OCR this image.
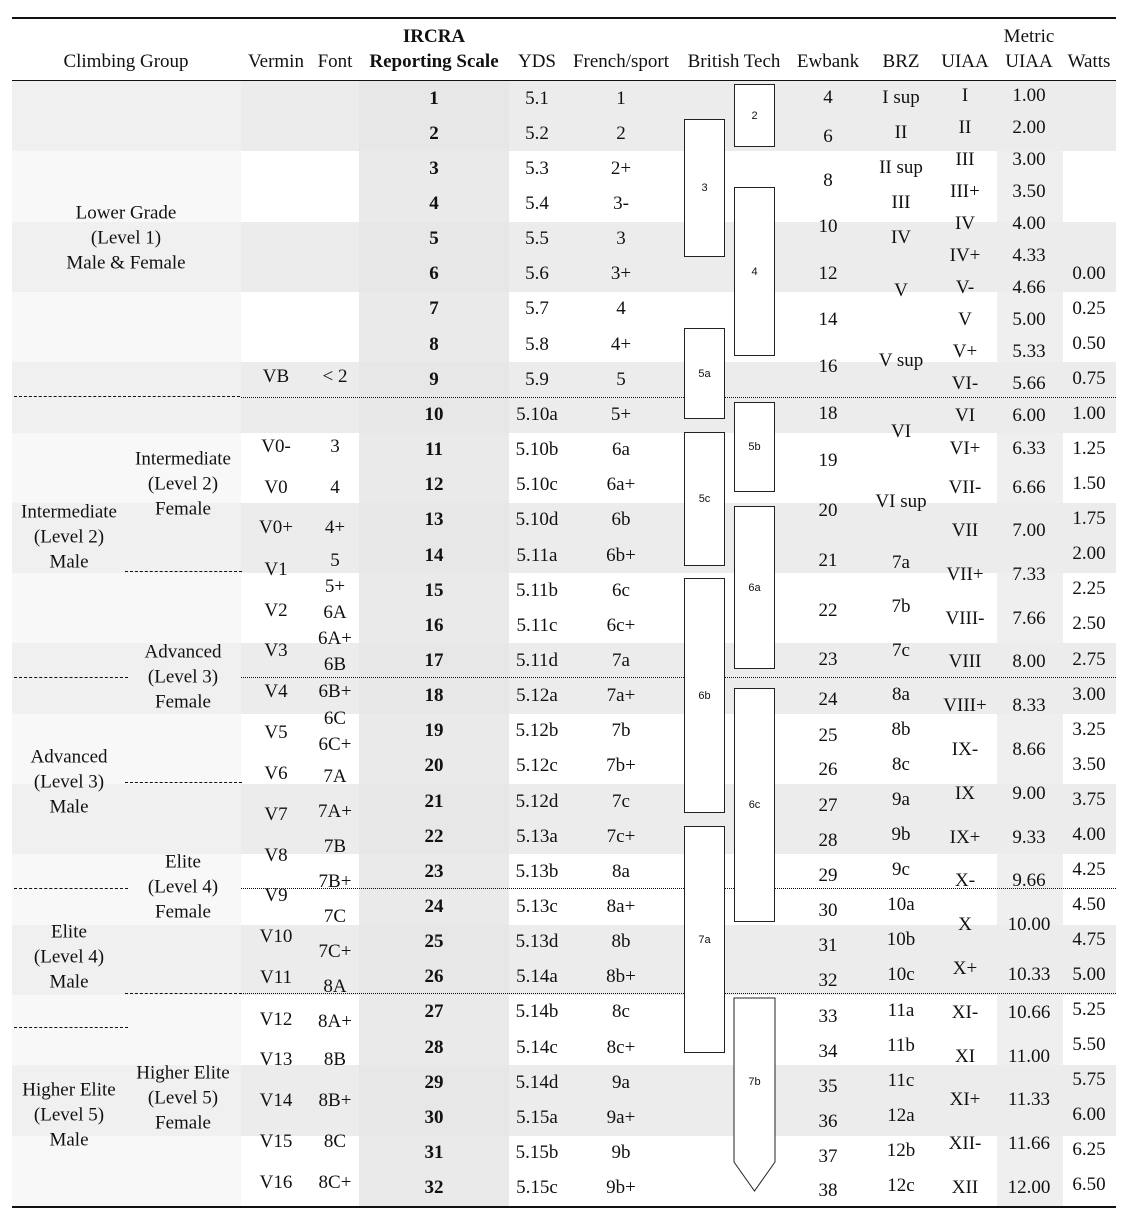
Climbing Group	Vermin Font
IRCRA
Reporting Scale YDS French/sport British Tech Ewbank BRZ UIAA
Metric
UIAA Watts
1
2
3
4
5
6
7
8
9
10
11
12
13
14
15
16
17
18
19
20
21
22
23
24
25
26
27
28
29
30
31
32
5.1
5.2
5.3
5.4
5.5
5.6
5.7
5.8
5.9
5.10a
5.10b
5.10c
5.10d
5.11a
5.11b
5.11c
5.11d
5.12a
5.12b
5.12c
5.12d
5.13a
5.13b
5.13c
5.13d
5.14a
5.14b
5.14c
5.14d
5.15a
5.15b
5.15c
1
2
2+
3-
3
3+
4
4+
5
5+
6a
6a+
6b
6b+
6c
6c+
7a
7a+
7b
7b+
7c
7c+
8a
8a+
8b
8b+
8c
8c+
9a
9a+
9b
9b+
VB
V0-
V0
V0+
V1
V2
V3
V4
V5
V6
V7
V8
V9
V10
V11
V12
V13
V14
V15
V16
< 2
3
4
4+
5
5+
6A
6A+
6B
6B+
6C
6C+
7A
7A+
7B
7B+
7C
7C+
8A
8A+
8B
8B+
8C
8C+
4
6
8
10
12
14
16
18
19
20
21
22
23
24
25
26
27
28
29
30
31
32
33
34
35
36
37
38
I sup
II
II sup
III
IV
V
V sup
VI
VI sup
7a
7b
7c
8a
8b
8c
9a
9b
9c
10a
10b
10c
11a
11b
11c
12a
12b
12c
I
II
III
III+
IV
IV+
V-
V
V+
VI-
VI
VI+
VII-
VII
VII+
VIII-
VIII
VIII+
IX-
IX
IX+
X-
X
X+
XI-
XI
XI+
XII-
XII
1.00
2.00
3.00
3.50
4.00
4.33
4.66
5.00
5.33
5.66
6.00
6.33
6.66
7.00
7.33
7.66
8.00
8.33
8.66
9.00
9.33
9.66
10.00
10.33
10.66
11.00
11.33
11.66
12.00
0.00
0.25
0.50
0.75
1.00
1.25
1.50
1.75
2.00
2.25
2.50
2.75
3.00
3.25
3.50
3.75
4.00
4.25
4.50
4.75
5.00
5.25
5.50
5.75
6.00
6.25
6.50
Lower Grade
(Level 1)
Male & Female
Intermediate
(Level 2)
Male
Advanced
(Level 3)
Male
Elite
(Level 4)
Male
Higher Elite
(Level 5)
Male
Intermediate
(Level 2)
Female
Advanced
(Level 3)
Female
Elite
(Level 4)
Female
Higher Elite
(Level 5)
Female
2
3
4
5a
5b
5c
6a
6b
6c
7a
7b
